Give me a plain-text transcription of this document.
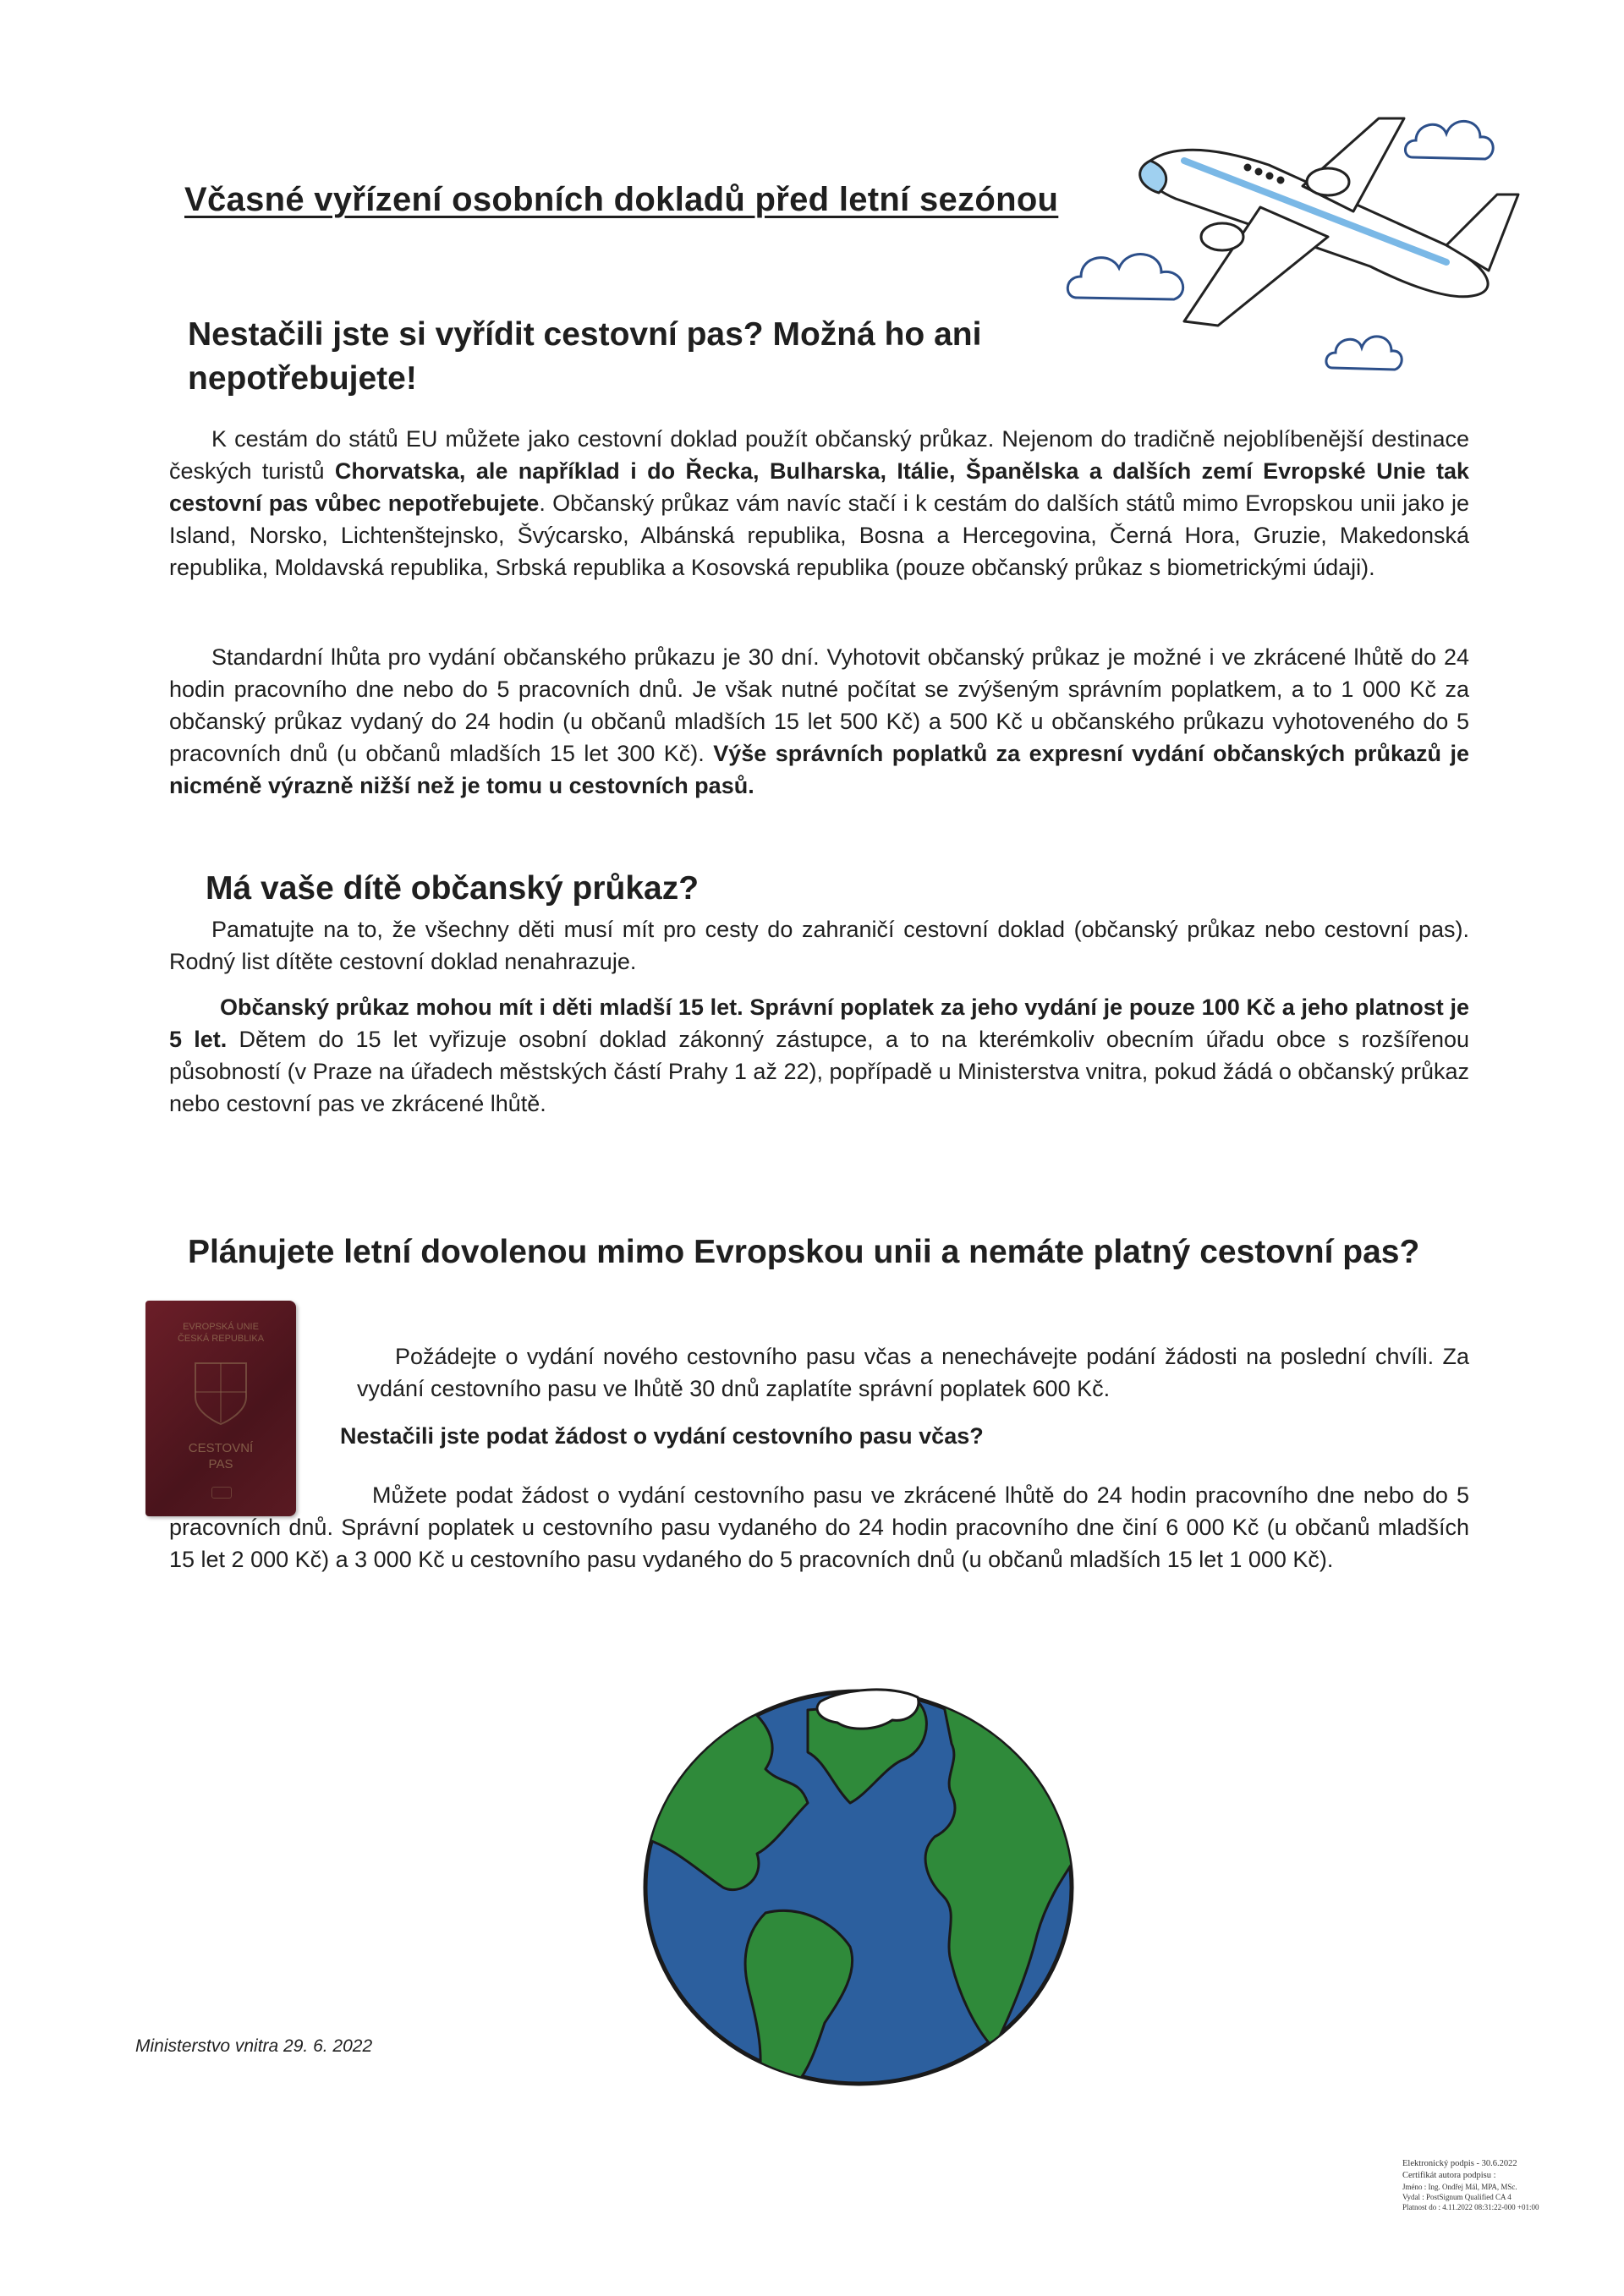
Včasné vyřízení osobních dokladů před letní sezónou
Nestačili jste si vyřídit cestovní pas? Možná ho ani nepotřebujete!
K cestám do států EU můžete jako cestovní doklad použít občanský průkaz. Nejenom do tradičně nejoblíbenější destinace českých turistů Chorvatska, ale například i do Řecka, Bulharska, Itálie, Španělska a dalších zemí Evropské Unie tak cestovní pas vůbec nepotřebujete. Občanský průkaz vám navíc stačí i k cestám do dalších států mimo Evropskou unii jako je Island, Norsko, Lichtenštejnsko, Švýcarsko, Albánská republika, Bosna a Hercegovina, Černá Hora, Gruzie, Makedonská republika, Moldavská republika, Srbská republika a Kosovská republika (pouze občanský průkaz s biometrickými údaji).
Standardní lhůta pro vydání občanského průkazu je 30 dní. Vyhotovit občanský průkaz je možné i ve zkrácené lhůtě do 24 hodin pracovního dne nebo do 5 pracovních dnů. Je však nutné počítat se zvýšeným správním poplatkem, a to 1 000 Kč za občanský průkaz vydaný do 24 hodin (u občanů mladších 15 let 500 Kč) a 500 Kč u občanského průkazu vyhotoveného do 5 pracovních dnů (u občanů mladších 15 let 300 Kč). Výše správních poplatků za expresní vydání občanských průkazů je nicméně výrazně nižší než je tomu u cestovních pasů.
Má vaše dítě občanský průkaz?
Pamatujte na to, že všechny děti musí mít pro cesty do zahraničí cestovní doklad (občanský průkaz nebo cestovní pas). Rodný list dítěte cestovní doklad nenahrazuje.
Občanský průkaz mohou mít i děti mladší 15 let. Správní poplatek za jeho vydání je pouze 100 Kč a jeho platnost je 5 let. Dětem do 15 let vyřizuje osobní doklad zákonný zástupce, a to na kterémkoliv obecním úřadu obce s rozšířenou působností (v Praze na úřadech městských částí Prahy 1 až 22), popřípadě u Ministerstva vnitra, pokud žádá o občanský průkaz nebo cestovní pas ve zkrácené lhůtě.
Plánujete letní dovolenou mimo Evropskou unii a nemáte platný cestovní pas?
EVROPSKÁ UNIE
ČESKÁ REPUBLIKA
CESTOVNÍ
PAS
Požádejte o vydání nového cestovního pasu včas a nenechávejte podání žádosti na poslední chvíli. Za vydání cestovního pasu ve lhůtě 30 dnů zaplatíte správní poplatek 600 Kč.
Nestačili jste podat žádost o vydání cestovního pasu včas?
Můžete podat žádost o vydání cestovního pasu ve zkrácené lhůtě do 24 hodin pracovního dne nebo do 5 pracovních dnů. Správní poplatek u cestovního pasu vydaného do 24 hodin pracovního dne činí 6 000 Kč (u občanů mladších 15 let 2 000 Kč) a 3 000 Kč u cestovního pasu vydaného do 5 pracovních dnů (u občanů mladších 15 let 1 000 Kč).
Ministerstvo vnitra 29. 6. 2022
Elektronický podpis - 30.6.2022
Certifikát autora podpisu :
Jméno : Ing. Ondřej Mál, MPA, MSc.
Vydal : PostSignum Qualified CA 4
Platnost do : 4.11.2022 08:31:22-000 +01:00
